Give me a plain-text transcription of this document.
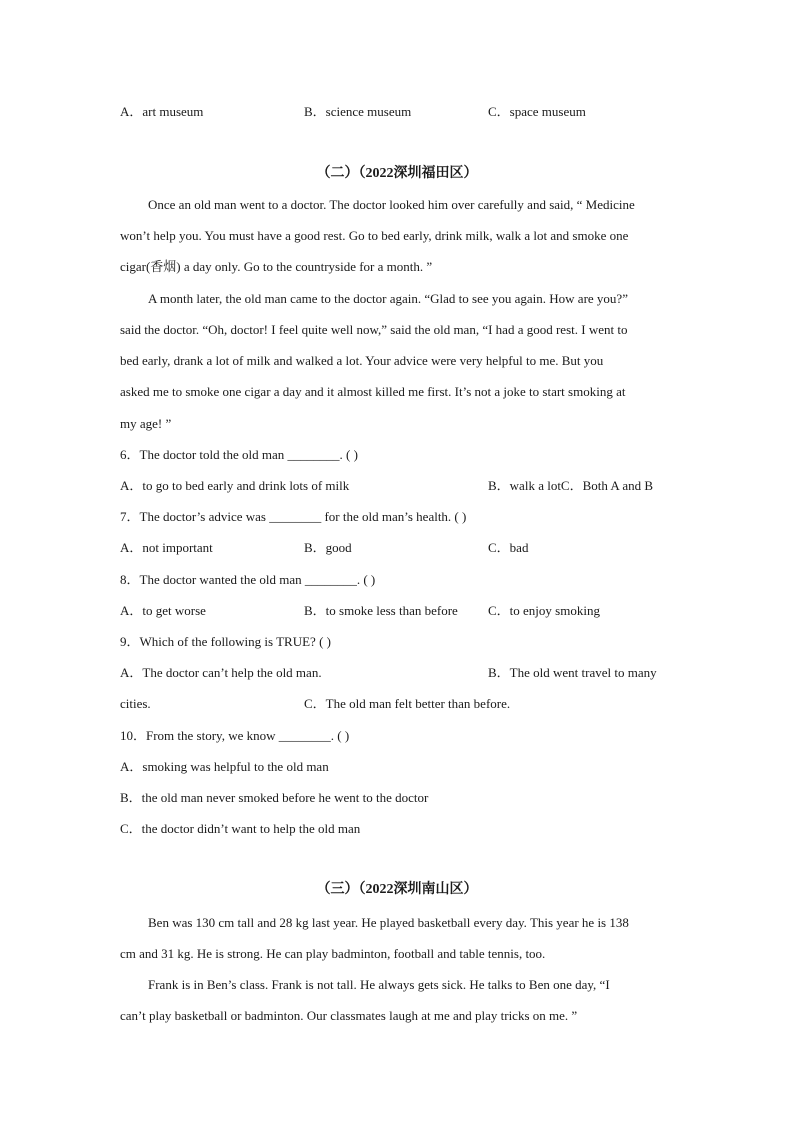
A．art museum	B．science museum	C．space museum
（二）（2022深圳福田区）
Once an old man went to a doctor. The doctor looked him over carefully and said, “ Medicine
won’t help you. You must have a good rest. Go to bed early, drink milk, walk a lot and smoke one
cigar(香烟) a day only. Go to the countryside for a month. ”
A month later, the old man came to the doctor again. “Glad to see you again. How are you?”
said the doctor. “Oh, doctor! I feel quite well now,” said the old man, “I had a good rest. I went to
bed early, drank a lot of milk and walked a lot. Your advice were very helpful to me. But you
asked me to smoke one cigar a day and it almost killed me first. It’s not a joke to start smoking at
my age! ”
6．The doctor told the old man ________. ( )
A．to go to bed early and drink lots of milk	B．walk a lotC．Both A and B
7．The doctor’s advice was ________ for the old man’s health. ( )
A．not important	B．good	C．bad
8．The doctor wanted the old man ________. ( )
A．to get worse	B．to smoke less than before C．to enjoy smoking
9．Which of the following is TRUE? ( )
A．The doctor can’t help the old man.	B．The old went travel to many
cities.	C．The old man felt better than before.
10．From the story, we know ________. ( )
A．smoking was helpful to the old man
B．the old man never smoked before he went to the doctor
C．the doctor didn’t want to help the old man
（三）（2022深圳南山区）
Ben was 130 cm tall and 28 kg last year. He played basketball every day. This year he is 138
cm and 31 kg. He is strong. He can play badminton, football and table tennis, too.
Frank is in Ben’s class. Frank is not tall. He always gets sick. He talks to Ben one day, “I
can’t play basketball or badminton. Our classmates laugh at me and play tricks on me. ”
